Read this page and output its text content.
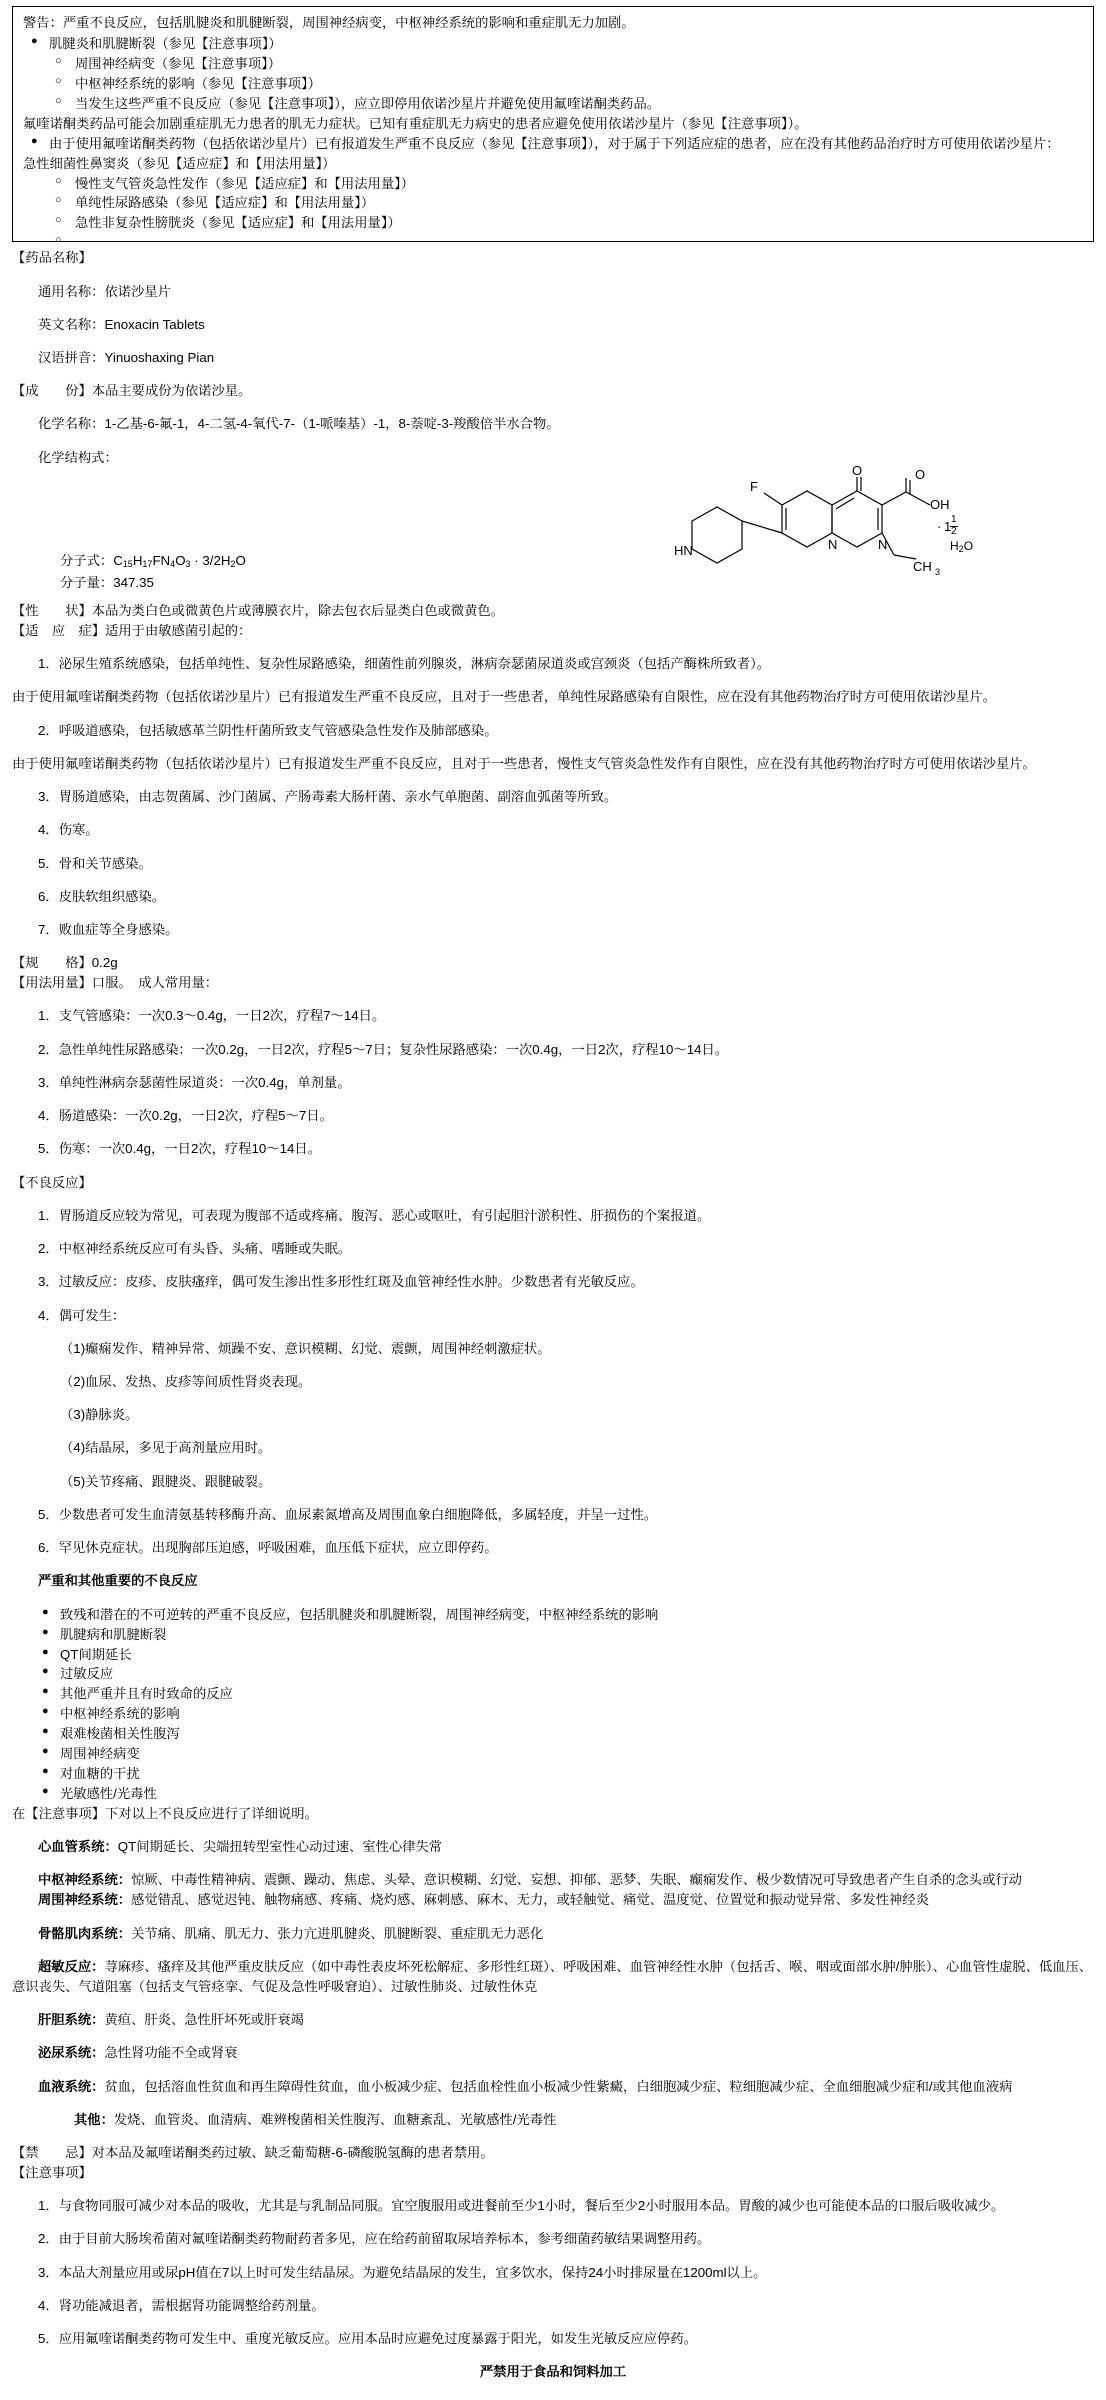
警告：严重不良反应，包括肌腱炎和肌腱断裂，周围神经病变，中枢神经系统的影响和重症肌无力加剧。

● 肌腱炎和肌腱断裂（参见【注意事项】）
○ 周围神经病变（参见【注意事项】）
○ 中枢神经系统的影响（参见【注意事项】）
○ 当发生这些严重不良反应（参见【注意事项】），应立即停用依诺沙星片并避免使用氟喹诺酮类药品。
氟喹诺酮类药品可能会加剧重症肌无力患者的肌无力症状。已知有重症肌无力病史的患者应避免使用依诺沙星片（参见【注意事项】）。
● 由于使用氟喹诺酮类药物（包括依诺沙星片）已有报道发生严重不良反应（参见【注意事项】），对于属于下列适应症的患者，应在没有其他药品治疗时方可使用依诺沙星片：
急性细菌性鼻窦炎（参见【适应症】和【用法用量】）
○ 慢性支气管炎急性发作（参见【适应症】和【用法用量】）
○ 单纯性尿路感染（参见【适应症】和【用法用量】）
○ 急性非复杂性膀胱炎（参见【适应症】和【用法用量】）

【药品名称】

通用名称：依诺沙星片

英文名称：Enoxacin Tablets

汉语拼音：Yinuoshaxing Pian

【成　　份】本品主要成份为依诺沙星。

化学名称：1-乙基-6-氟-1，4-二氢-4-氧代-7-（1-哌嗪基）-1，8-萘啶-3-羧酸倍半水合物。

化学结构式：

F
O
O
OH
HN
CH 3
N	N
· 1
$\frac{1}{2}$
$H_2O$

分子式：$C_{15}H_{17}FN_4O_3 \cdot 3/2H_2O$

分子量：347.35

【性　　状】本品为类白色或微黄色片或薄膜衣片，除去包衣后显类白色或微黄色。

【适　应　症】适用于由敏感菌引起的：

1．泌尿生殖系统感染，包括单纯性、复杂性尿路感染，细菌性前列腺炎，淋病奈瑟菌尿道炎或宫颈炎（包括产酶株所致者）。

由于使用氟喹诺酮类药物（包括依诺沙星片）已有报道发生严重不良反应，且对于一些患者，单纯性尿路感染有自限性，应在没有其他药物治疗时方可使用依诺沙星片。

2．呼吸道感染，包括敏感革兰阴性杆菌所致支气管感染急性发作及肺部感染。

由于使用氟喹诺酮类药物（包括依诺沙星片）已有报道发生严重不良反应，且对于一些患者，慢性支气管炎急性发作有自限性，应在没有其他药物治疗时方可使用依诺沙星片。

3．胃肠道感染，由志贺菌属、沙门菌属、产肠毒素大肠杆菌、亲水气单胞菌、副溶血弧菌等所致。

4．伤寒。

5．骨和关节感染。

6．皮肤软组织感染。

7．败血症等全身感染。

【规　　格】0.2g

【用法用量】口服。　成人常用量：

1．支气管感染：一次0.3～0.4g，一日2次，疗程7～14日。

2．急性单纯性尿路感染：一次0.2g，一日2次，疗程5～7日；复杂性尿路感染：一次0.4g，一日2次，疗程10～14日。

3．单纯性淋病奈瑟菌性尿道炎：一次0.4g，单剂量。

4．肠道感染：一次0.2g，一日2次，疗程5～7日。

5．伤寒：一次0.4g，一日2次，疗程10～14日。

【不良反应】

1．胃肠道反应较为常见，可表现为腹部不适或疼痛、腹泻、恶心或呕吐，有引起胆汁淤积性、肝损伤的个案报道。

2．中枢神经系统反应可有头昏、头痛、嗜睡或失眠。

3．过敏反应：皮疹、皮肤瘙痒，偶可发生渗出性多形性红斑及血管神经性水肿。少数患者有光敏反应。

4．偶可发生：

（1)癫痫发作、精神异常、烦躁不安、意识模糊、幻觉、震颤，周围神经刺激症状。

（2)血尿、发热、皮疹等间质性肾炎表现。

（3)静脉炎。

（4)结晶尿，多见于高剂量应用时。

（5)关节疼痛、跟腱炎、跟腱破裂。

5．少数患者可发生血清氨基转移酶升高、血尿素氮增高及周围血象白细胞降低，多属轻度，并呈一过性。

6．罕见休克症状。出现胸部压迫感，呼吸困难，血压低下症状，应立即停药。

严重和其他重要的不良反应

● 致残和潜在的不可逆转的严重不良反应，包括肌腱炎和肌腱断裂，周围神经病变，中枢神经系统的影响
● 肌腱病和肌腱断裂
● QT间期延长
● 过敏反应
● 其他严重并且有时致命的反应
● 中枢神经系统的影响
● 艰难梭菌相关性腹泻
● 周围神经病变
● 对血糖的干扰
● 光敏感性/光毒性

在【注意事项】下对以上不良反应进行了详细说明。

心血管系统：QT间期延长、尖端扭转型室性心动过速、室性心律失常

中枢神经系统：惊厥、中毒性精神病、震颤、躁动、焦虑、头晕、意识模糊、幻觉、妄想、抑郁、恶梦、失眠、癫痫发作、极少数情况可导致患者产生自杀的念头或行动

周围神经系统：感觉错乱、感觉迟钝、触物痛感、疼痛、烧灼感、麻刺感、麻木、无力，或轻触觉、痛觉、温度觉、位置觉和振动觉异常、多发性神经炎

骨骼肌肉系统：关节痛、肌痛、肌无力、张力亢进肌腱炎、肌腱断裂、重症肌无力恶化

超敏反应：荨麻疹、瘙痒及其他严重皮肤反应（如中毒性表皮坏死松解症、多形性红斑）、呼吸困难、血管神经性水肿（包括舌、喉、咽或面部水肿/肿胀）、心血管性虚脱、低血压、意识丧失、气道阻塞（包括支气管痉挛、气促及急性呼吸窘迫）、过敏性肺炎、过敏性休克

肝胆系统：黄疸、肝炎、急性肝坏死或肝衰竭

泌尿系统：急性肾功能不全或肾衰

血液系统：贫血，包括溶血性贫血和再生障碍性贫血，血小板减少症、包括血栓性血小板减少性紫癜，白细胞减少症、粒细胞减少症、全血细胞减少症和/或其他血液病

其他：发烧、血管炎、血清病、难辨梭菌相关性腹泻、血糖紊乱、光敏感性/光毒性

【禁　　忌】对本品及氟喹诺酮类药过敏、缺乏葡萄糖-6-磷酸脱氢酶的患者禁用。

【注意事项】

1．与食物同服可减少对本品的吸收，尤其是与乳制品同服。宜空腹服用或进餐前至少1小时，餐后至少2小时服用本品。胃酸的减少也可能使本品的口服后吸收减少。

2．由于目前大肠埃希菌对氟喹诺酮类药物耐药者多见，应在给药前留取尿培养标本，参考细菌药敏结果调整用药。

3．本品大剂量应用或尿pH值在7以上时可发生结晶尿。为避免结晶尿的发生，宜多饮水，保持24小时排尿量在1200ml以上。

4．肾功能减退者，需根据肾功能调整给药剂量。

5．应用氟喹诺酮类药物可发生中、重度光敏反应。应用本品时应避免过度暴露于阳光，如发生光敏反应应停药。

严禁用于食品和饲料加工
